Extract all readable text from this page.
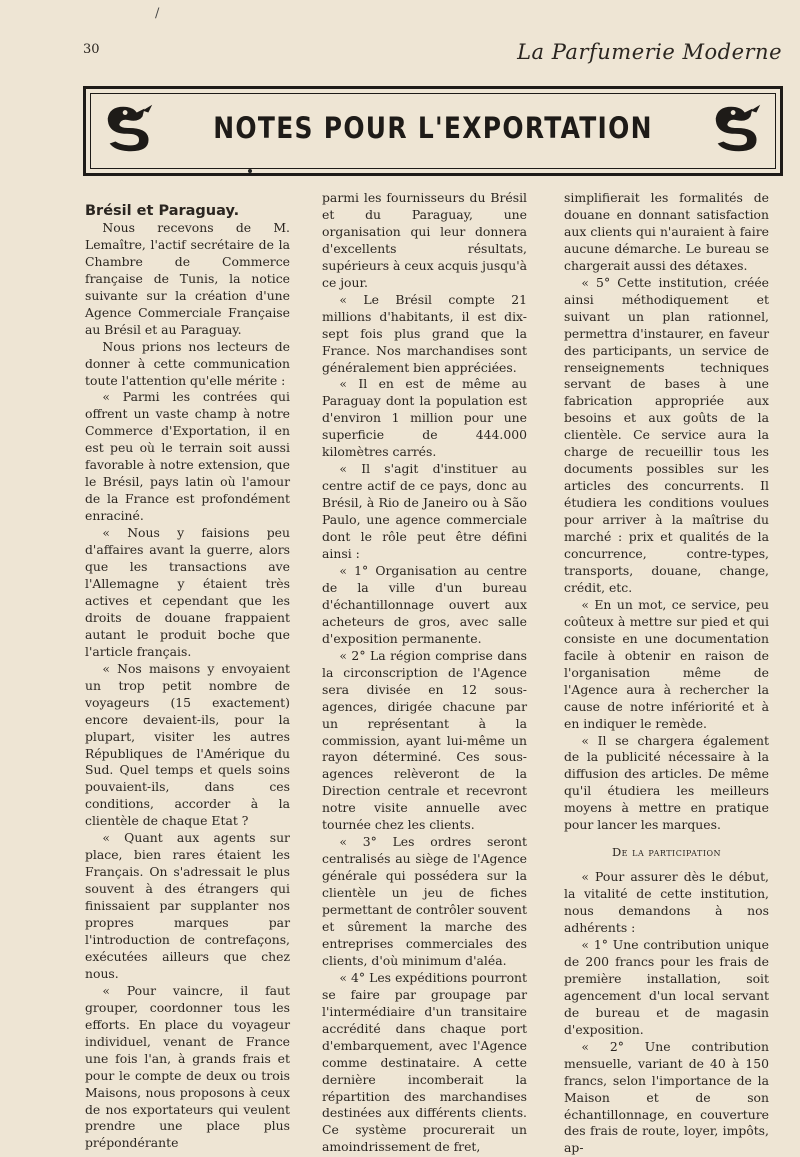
/
30	La Parfumerie Moderne
NOTES POUR L'EXPORTATION

Brésil et Paraguay.

Nous recevons de M. Lemaître, l'actif secrétaire de la Chambre de Commerce française de Tunis, la notice suivante sur la création d'une Agence Commerciale Française au Brésil et au Paraguay.

Nous prions nos lecteurs de donner à cette communication toute l'attention qu'elle mérite :

« Parmi les contrées qui offrent un vaste champ à notre Commerce d'Exportation, il en est peu où le terrain soit aussi favorable à notre extension, que le Brésil, pays latin où l'amour de la France est profondément enraciné.

« Nous y faisions peu d'affaires avant la guerre, alors que les transactions ave l'Allemagne y étaient très actives et cependant que les droits de douane frappaient autant le produit boche que l'article français.

« Nos maisons y envoyaient un trop petit nombre de voyageurs (15 exactement) encore devaient-ils, pour la plupart, visiter les autres Républiques de l'Amérique du Sud. Quel temps et quels soins pouvaient-ils, dans ces conditions, accorder à la clientèle de chaque Etat ?

« Quant aux agents sur place, bien rares étaient les Français. On s'adressait le plus souvent à des étrangers qui finissaient par supplanter nos propres marques par l'introduction de contrefaçons, exécutées ailleurs que chez nous.

« Pour vaincre, il faut grouper, coordonner tous les efforts. En place du voyageur individuel, venant de France une fois l'an, à grands frais et pour le compte de deux ou trois Maisons, nous proposons à ceux de nos exportateurs qui veulent prendre une place plus prépondérante

parmi les fournisseurs du Brésil et du Paraguay, une organisation qui leur donnera d'excellents résultats, supérieurs à ceux acquis jusqu'à ce jour.

« Le Brésil compte 21 millions d'habitants, il est dix-sept fois plus grand que la France. Nos marchandises sont généralement bien appréciées.

« Il en est de même au Paraguay dont la population est d'environ 1 million pour une superficie de 444.000 kilomètres carrés.

« Il s'agit d'instituer au centre actif de ce pays, donc au Brésil, à Rio de Janeiro ou à São Paulo, une agence commerciale dont le rôle peut être défini ainsi :

« 1° Organisation au centre de la ville d'un bureau d'échantillonnage ouvert aux acheteurs de gros, avec salle d'exposition permanente.

« 2° La région comprise dans la circonscription de l'Agence sera divisée en 12 sous-agences, dirigée chacune par un représentant à la commission, ayant lui-même un rayon déterminé. Ces sous-agences relèveront de la Direction centrale et recevront notre visite annuelle avec tournée chez les clients.

« 3° Les ordres seront centralisés au siège de l'Agence générale qui possédera sur la clientèle un jeu de fiches permettant de contrôler souvent et sûrement la marche des entreprises commerciales des clients, d'où minimum d'aléa.

« 4° Les expéditions pourront se faire par groupage par l'intermédiaire d'un transitaire accrédité dans chaque port d'embarquement, avec l'Agence comme destinataire. A cette dernière incomberait la répartition des marchandises destinées aux différents clients. Ce système procurerait un amoindrissement de fret,

simplifierait les formalités de douane en donnant satisfaction aux clients qui n'auraient à faire aucune démarche. Le bureau se chargerait aussi des détaxes.

« 5° Cette institution, créée ainsi méthodiquement et suivant un plan rationnel, permettra d'instaurer, en faveur des participants, un service de renseignements techniques servant de bases à une fabrication appropriée aux besoins et aux goûts de la clientèle. Ce service aura la charge de recueillir tous les documents possibles sur les articles des concurrents. Il étudiera les conditions voulues pour arriver à la maîtrise du marché : prix et qualités de la concurrence, contre-types, transports, douane, change, crédit, etc.

« En un mot, ce service, peu coûteux à mettre sur pied et qui consiste en une documentation facile à obtenir en raison de l'organisation même de l'Agence aura à rechercher la cause de notre infériorité et à en indiquer le remède.

« Il se chargera également de la publicité nécessaire à la diffusion des articles. De même qu'il étudiera les meilleurs moyens à mettre en pratique pour lancer les marques.

De la participation

« Pour assurer dès le début, la vitalité de cette institution, nous demandons à nos adhérents :

« 1° Une contribution unique de 200 francs pour les frais de première installation, soit agencement d'un local servant de bureau et de magasin d'exposition.

« 2° Une contribution mensuelle, variant de 40 à 150 francs, selon l'importance de la Maison et de son échantillonnage, en couverture des frais de route, loyer, impôts, ap-
